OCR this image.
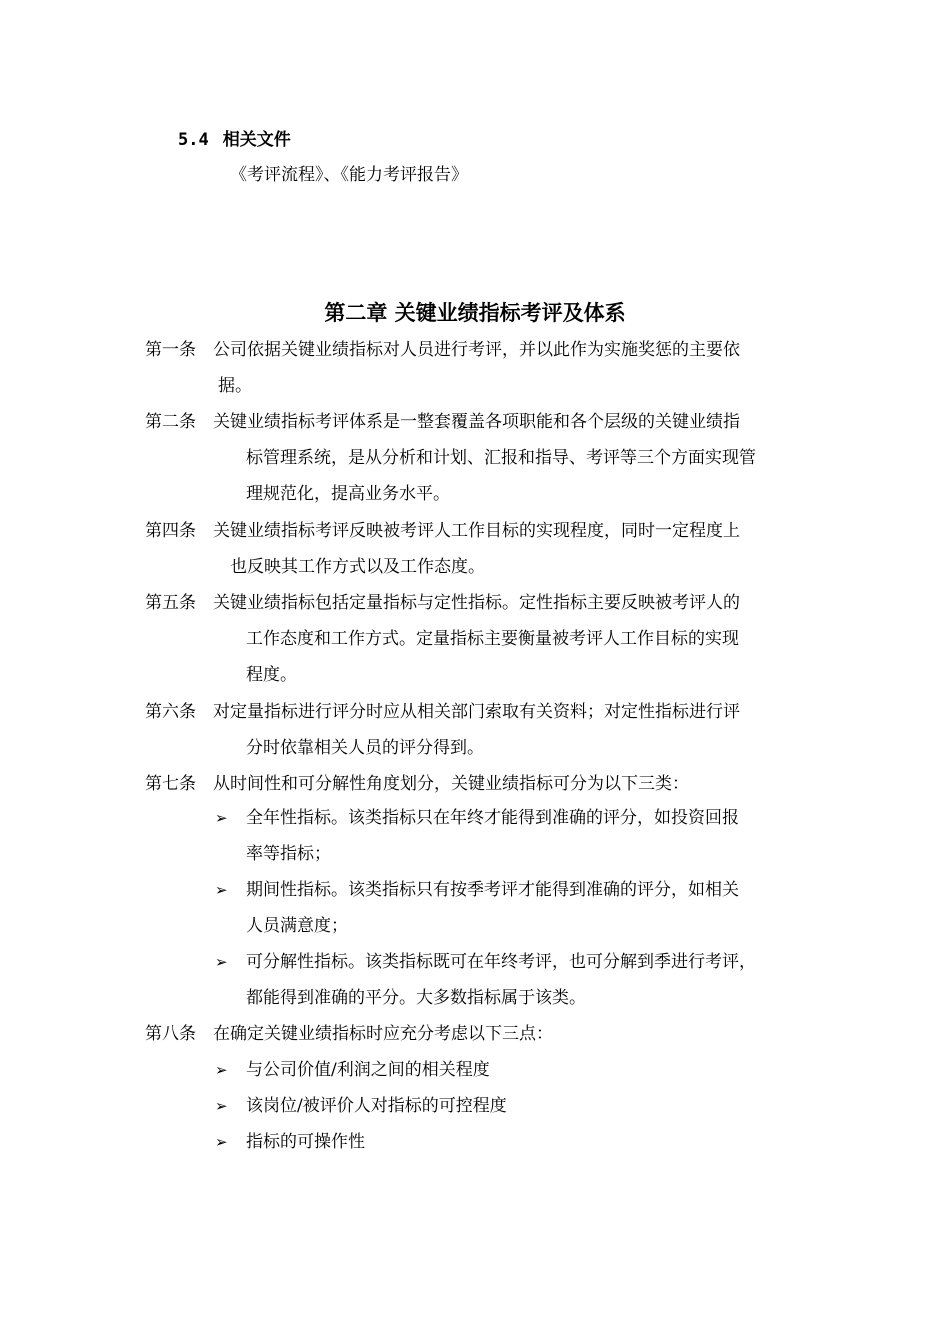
5.4 相关文件
《考评流程》、《能力考评报告》
第二章 关键业绩指标考评及体系
第一条 公司依据关键业绩指标对人员进行考评，并以此作为实施奖惩的主要依
据。
第二条 关键业绩指标考评体系是一整套覆盖各项职能和各个层级的关键业绩指
标管理系统，是从分析和计划、汇报和指导、考评等三个方面实现管
理规范化，提高业务水平。
第四条 关键业绩指标考评反映被考评人工作目标的实现程度，同时一定程度上
也反映其工作方式以及工作态度。
第五条 关键业绩指标包括定量指标与定性指标。定性指标主要反映被考评人的
工作态度和工作方式。定量指标主要衡量被考评人工作目标的实现
程度。
第六条 对定量指标进行评分时应从相关部门索取有关资料；对定性指标进行评
分时依靠相关人员的评分得到。
第七条 从时间性和可分解性角度划分，关键业绩指标可分为以下三类：
➢ 全年性指标。该类指标只在年终才能得到准确的评分，如投资回报
率等指标；
➢ 期间性指标。该类指标只有按季考评才能得到准确的评分，如相关
人员满意度；
➢ 可分解性指标。该类指标既可在年终考评，也可分解到季进行考评，
都能得到准确的平分。大多数指标属于该类。
第八条 在确定关键业绩指标时应充分考虑以下三点：
➢ 与公司价值/利润之间的相关程度
➢ 该岗位/被评价人对指标的可控程度
➢ 指标的可操作性
